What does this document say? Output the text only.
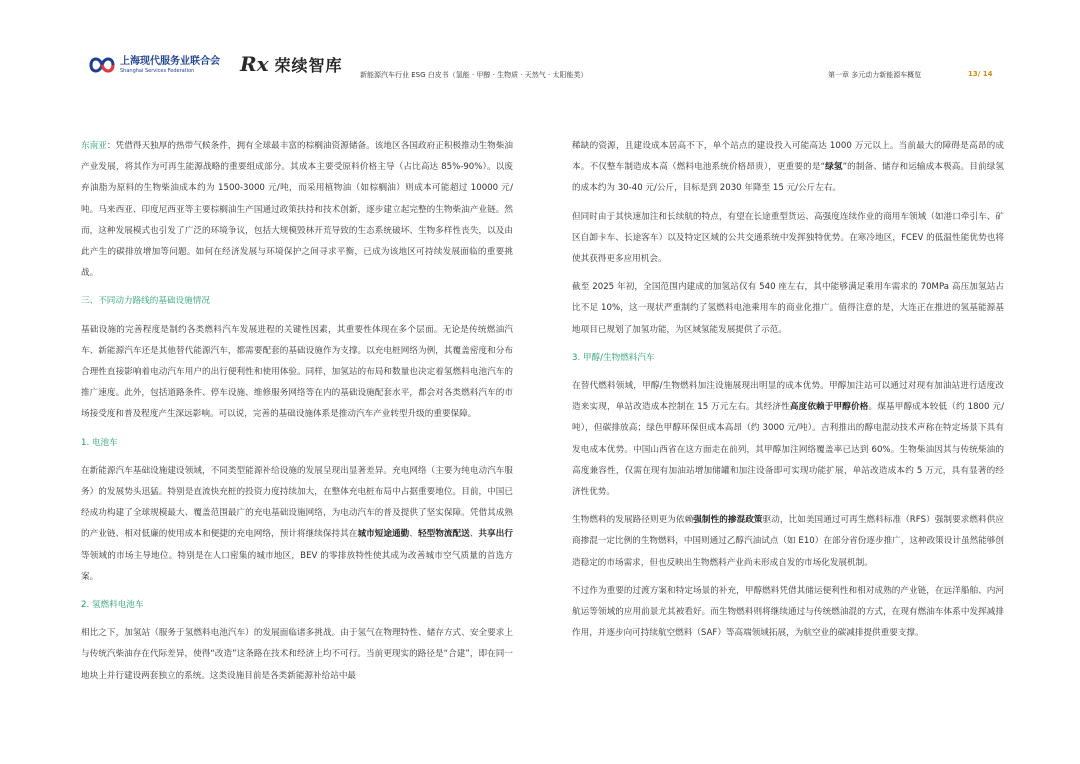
上海现代服务业联合会
Shanghai Services Federation	Rx 荣续智库
新能源汽车行业 ESG 白皮书（氢能 · 甲醇 · 生物质 · 天然气 · 太阳能类）	第一章 多元动力新能源车概览	13/ 14

东南亚：凭借得天独厚的热带气候条件，拥有全球最丰富的棕榈油资源储备。该地区各国政府正积极推动生物柴油产业发展，将其作为可再生能源战略的重要组成部分。其成本主要受原料价格主导（占比高达 85%-90%）。以废弃油脂为原料的生物柴油成本约为 1500-3000 元/吨，而采用植物油（如棕榈油）则成本可能超过 10000 元/吨。马来西亚、印度尼西亚等主要棕榈油生产国通过政策扶持和技术创新，逐步建立起完整的生物柴油产业链。然而，这种发展模式也引发了广泛的环境争议，包括大规模毁林开荒导致的生态系统破坏、生物多样性丧失，以及由此产生的碳排放增加等问题。如何在经济发展与环境保护之间寻求平衡，已成为该地区可持续发展面临的重要挑战。

三、不同动力路线的基础设施情况

基础设施的完善程度是制约各类燃料汽车发展进程的关键性因素，其重要性体现在多个层面。无论是传统燃油汽车、新能源汽车还是其他替代能源汽车，都需要配套的基础设施作为支撑。以充电桩网络为例，其覆盖密度和分布合理性直接影响着电动汽车用户的出行便利性和使用体验。同样，加氢站的布局和数量也决定着氢燃料电池汽车的推广速度。此外，包括道路条件、停车设施、维修服务网络等在内的基础设施配套水平，都会对各类燃料汽车的市场接受度和普及程度产生深远影响。可以说，完善的基础设施体系是推动汽车产业转型升级的重要保障。

1. 电池车

在新能源汽车基础设施建设领域，不同类型能源补给设施的发展呈现出显著差异。充电网络（主要为纯电动汽车服务）的发展势头迅猛。特别是直流快充桩的投资力度持续加大，在整体充电桩布局中占据重要地位。目前，中国已经成功构建了全球规模最大、覆盖范围最广的充电基础设施网络，为电动汽车的普及提供了坚实保障。凭借其成熟的产业链、相对低廉的使用成本和便捷的充电网络，预计将继续保持其在城市短途通勤、轻型物流配送、共享出行等领域的市场主导地位。特别是在人口密集的城市地区，BEV 的零排放特性使其成为改善城市空气质量的首选方案。

2. 氢燃料电池车

相比之下，加氢站（服务于氢燃料电池汽车）的发展面临诸多挑战。由于氢气在物理特性、储存方式、安全要求上与传统汽柴油存在代际差异，使得“改造”这条路在技术和经济上均不可行。当前更现实的路径是“合建”，即在同一地块上并行建设两套独立的系统。这类设施目前是各类新能源补给站中最

稀缺的资源，且建设成本居高不下，单个站点的建设投入可能高达 1000 万元以上。当前最大的障碍是高昂的成本。不仅整车制造成本高（燃料电池系统价格昂贵），更重要的是“绿氢”的制备、储存和运输成本极高。目前绿氢的成本约为 30-40 元/公斤，目标是到 2030 年降至 15 元/公斤左右。

但同时由于其快速加注和长续航的特点，有望在长途重型货运、高强度连续作业的商用车领域（如港口牵引车、矿区自卸卡车、长途客车）以及特定区域的公共交通系统中发挥独特优势。在寒冷地区，FCEV 的低温性能优势也将使其获得更多应用机会。

截至 2025 年初，全国范围内建成的加氢站仅有 540 座左右，其中能够满足乘用车需求的 70MPa 高压加氢站占比不足 10%，这一现状严重制约了氢燃料电池乘用车的商业化推广。值得注意的是，大连正在推进的氢基能源基地项目已规划了加氢功能，为区域氢能发展提供了示范。

3. 甲醇/生物燃料汽车

在替代燃料领域，甲醇/生物燃料加注设施展现出明显的成本优势。甲醇加注站可以通过对现有加油站进行适度改造来实现，单站改造成本控制在 15 万元左右。其经济性高度依赖于甲醇价格。煤基甲醇成本较低（约 1800 元/吨），但碳排放高；绿色甲醇环保但成本高昂（约 3000 元/吨）。吉利推出的醇电混动技术声称在特定场景下具有发电成本优势。中国山西省在这方面走在前列，其甲醇加注网络覆盖率已达到 60%。生物柴油因其与传统柴油的高度兼容性，仅需在现有加油站增加储罐和加注设备即可实现功能扩展，单站改造成本约 5 万元，具有显著的经济性优势。

生物燃料的发展路径则更为依赖强制性的掺混政策驱动，比如美国通过可再生燃料标准（RFS）强制要求燃料供应商掺混一定比例的生物燃料，中国则通过乙醇汽油试点（如 E10）在部分省份逐步推广，这种政策设计虽然能够创造稳定的市场需求，但也反映出生物燃料产业尚未形成自发的市场化发展机制。

不过作为重要的过渡方案和特定场景的补充，甲醇燃料凭借其储运便利性和相对成熟的产业链，在远洋船舶、内河航运等领域的应用前景尤其被看好。而生物燃料则将继续通过与传统燃油混的方式，在现有燃油车体系中发挥减排作用，并逐步向可持续航空燃料（SAF）等高端领域拓展，为航空业的碳减排提供重要支撑。
